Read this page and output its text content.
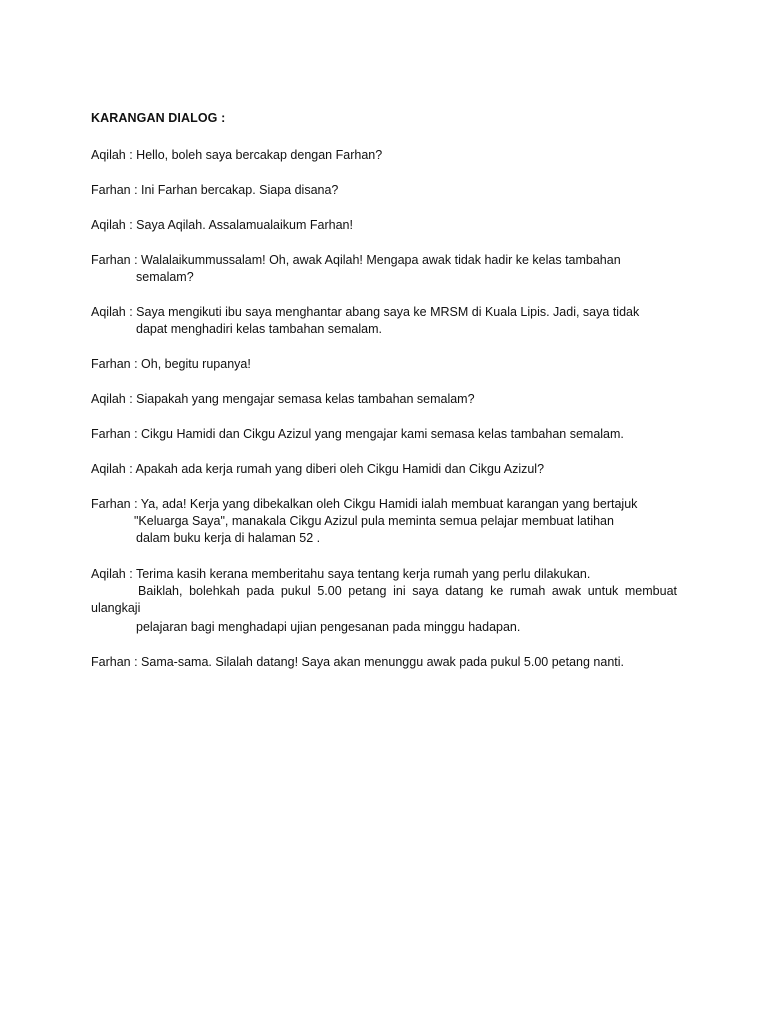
KARANGAN DIALOG :
Aqilah : Hello, boleh saya bercakap dengan Farhan?
Farhan : Ini Farhan bercakap. Siapa disana?
Aqilah : Saya Aqilah. Assalamualaikum Farhan!
Farhan : Walalaikummussalam! Oh, awak Aqilah! Mengapa awak tidak hadir ke kelas tambahan
semalam?
Aqilah : Saya mengikuti ibu saya menghantar abang saya ke MRSM di Kuala Lipis. Jadi, saya tidak
dapat menghadiri kelas tambahan semalam.
Farhan : Oh, begitu rupanya!
Aqilah : Siapakah yang mengajar semasa kelas tambahan semalam?
Farhan : Cikgu Hamidi dan Cikgu Azizul yang mengajar kami semasa kelas tambahan semalam.
Aqilah : Apakah ada kerja rumah yang diberi oleh Cikgu Hamidi dan Cikgu Azizul?
Farhan : Ya, ada! Kerja yang dibekalkan oleh Cikgu Hamidi ialah membuat karangan yang bertajuk
"Keluarga Saya", manakala Cikgu Azizul pula meminta semua pelajar membuat latihan
dalam buku kerja di halaman 52 .
Aqilah : Terima kasih kerana memberitahu saya tentang kerja rumah yang perlu dilakukan.
Baiklah, bolehkah pada pukul 5.00 petang ini saya datang ke rumah awak untuk membuat
ulangkaji
pelajaran bagi menghadapi ujian pengesanan pada minggu hadapan.
Farhan : Sama-sama. Silalah datang! Saya akan menunggu awak pada pukul 5.00 petang nanti.
